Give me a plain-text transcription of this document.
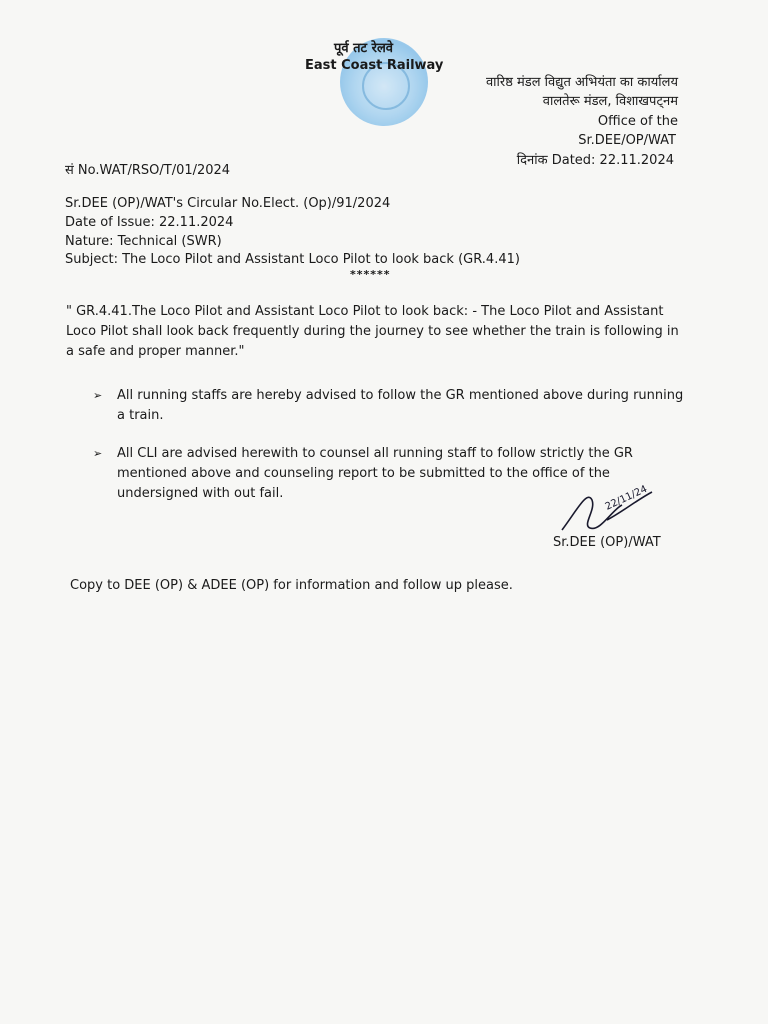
पूर्व तट रेलवे
East Coast Railway
वारिष्ठ मंडल विद्युत अभियंता का कार्यालय
वालतेरू मंडल, विशाखपट्नम
Office of the
Sr.DEE/OP/WAT
दिनांक Dated: 22.11.2024
सं No.WAT/RSO/T/01/2024
Sr.DEE (OP)/WAT's Circular No.Elect. (Op)/91/2024
Date of Issue: 22.11.2024
Nature: Technical (SWR)
Subject: The Loco Pilot and Assistant Loco Pilot to look back (GR.4.41)
******
" GR.4.41.The Loco Pilot and Assistant Loco Pilot to look back: - The Loco Pilot and Assistant Loco Pilot shall look back frequently during the journey to see whether the train is following in a safe and proper manner."
➢ All running staffs are hereby advised to follow the GR mentioned above during running a train.
➢ All CLI are advised herewith to counsel all running staff to follow strictly the GR mentioned above and counseling report to be submitted to the office of the undersigned with out fail.	22/11/24
Sr.DEE (OP)/WAT
Copy to DEE (OP) & ADEE (OP) for information and follow up please.
